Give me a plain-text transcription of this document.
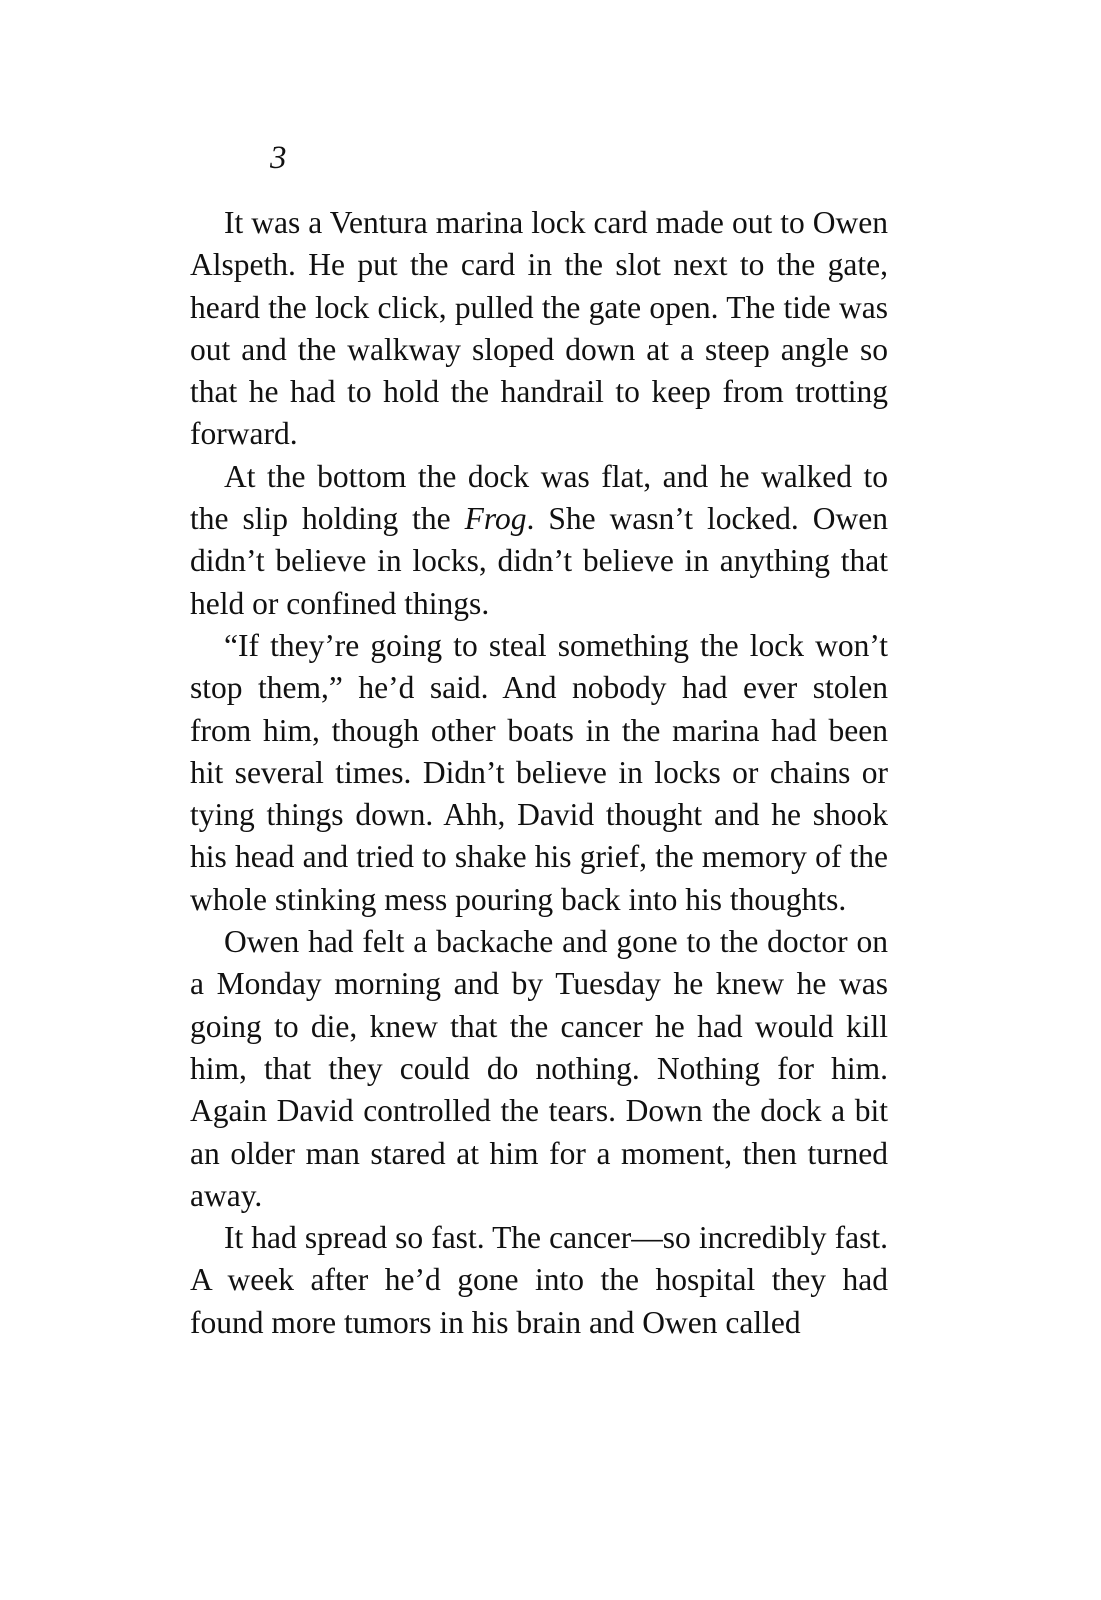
3

It was a Ventura marina lock card made out to Owen Alspeth. He put the card in the slot next to the gate, heard the lock click, pulled the gate open. The tide was out and the walkway sloped down at a steep angle so that he had to hold the handrail to keep from trotting forward.

At the bottom the dock was flat, and he walked to the slip holding the Frog. She wasn’t locked. Owen didn’t believe in locks, didn’t believe in anything that held or confined things.

“If they’re going to steal something the lock won’t stop them,” he’d said. And nobody had ever stolen from him, though other boats in the marina had been hit several times. Didn’t believe in locks or chains or tying things down. Ahh, David thought and he shook his head and tried to shake his grief, the memory of the whole stinking mess pouring back into his thoughts.

Owen had felt a backache and gone to the doctor on a Monday morning and by Tuesday he knew he was going to die, knew that the cancer he had would kill him, that they could do nothing. Nothing for him. Again David controlled the tears. Down the dock a bit an older man stared at him for a moment, then turned away.

It had spread so fast. The cancer—so incredibly fast. A week after he’d gone into the hospital they had found more tumors in his brain and Owen called
